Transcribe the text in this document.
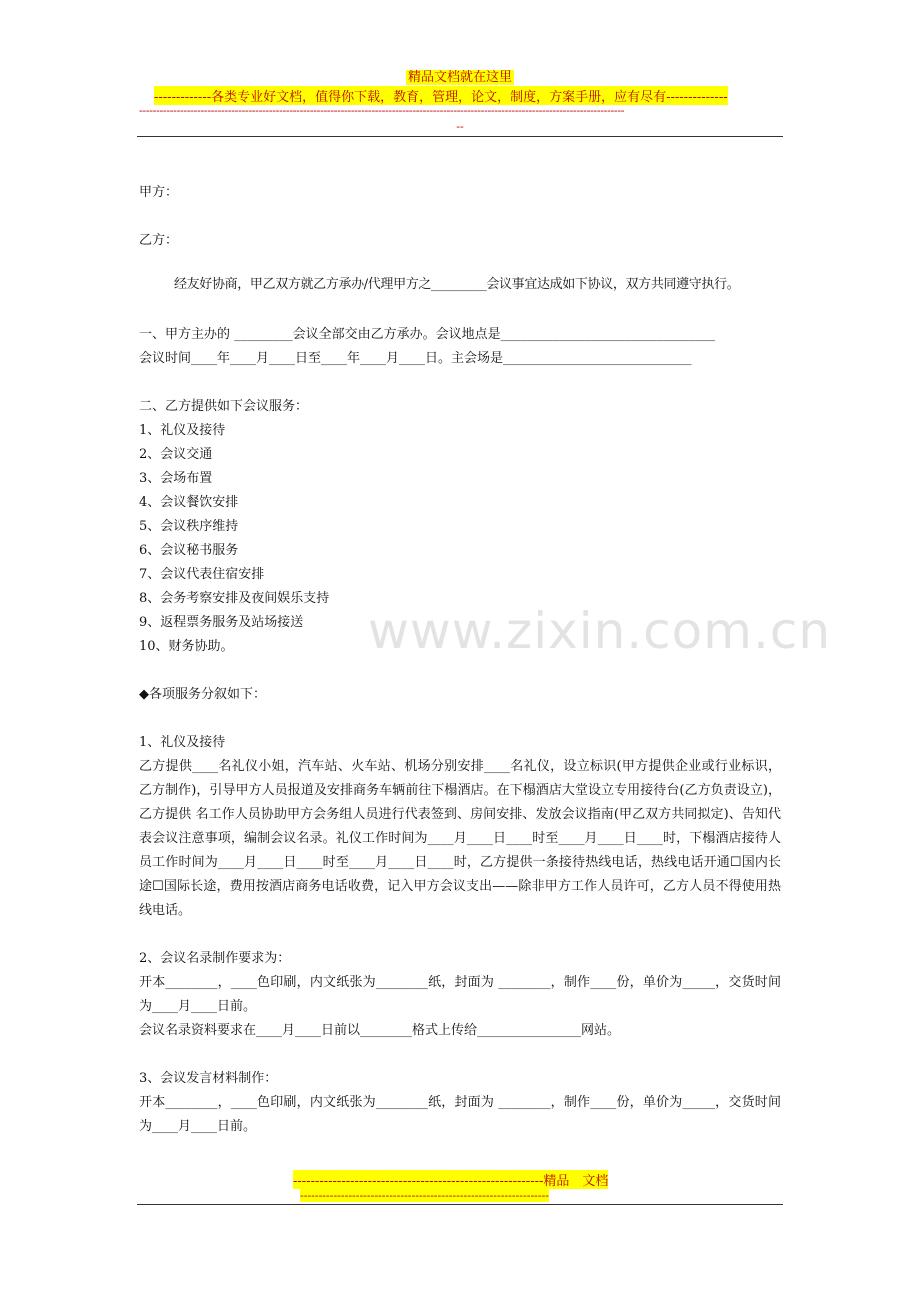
精品文档就在这里
-------------各类专业好文档，值得你下载，教育，管理，论文，制度，方案手册，应有尽有--------------
----------------------------------------------------------------------------------------------------------------------------------------------
--
www.zixin.com.cn
甲方：
乙方：
经友好协商，甲乙双方就乙方承办/代理甲方之_________会议事宜达成如下协议，双方共同遵守执行。
一、甲方主办的 _________会议全部交由乙方承办。会议地点是_________________________________
会议时间____年____月____日至____年____月____日。主会场是_____________________________
二、乙方提供如下会议服务：
1、礼仪及接待
2、会议交通
3、会场布置
4、会议餐饮安排
5、会议秩序维持
6、会议秘书服务
7、会议代表住宿安排
8、会务考察安排及夜间娱乐支持
9、返程票务服务及站场接送
10、财务协助。
◆各项服务分叙如下：
1、礼仪及接待
乙方提供____名礼仪小姐，汽车站、火车站、机场分别安排____名礼仪，设立标识(甲方提供企业或行业标识，乙方制作)，引导甲方人员报道及安排商务车辆前往下榻酒店。在下榻酒店大堂设立专用接待台(乙方负责设立)，乙方提供 名工作人员协助甲方会务组人员进行代表签到、房间安排、发放会议指南(甲乙双方共同拟定)、告知代表会议注意事项，编制会议名录。礼仪工作时间为____月____日____时至____月____日____时，下榻酒店接待人员工作时间为____月____日____时至____月____日____时，乙方提供一条接待热线电话，热线电话开通☐国内长途☐国际长途，费用按酒店商务电话收费，记入甲方会议支出——除非甲方工作人员许可，乙方人员不得使用热线电话。
2、会议名录制作要求为：
开本________，____色印刷，内文纸张为________纸，封面为 ________，制作____份，单价为_____，交货时间为____月____日前。
会议名录资料要求在____月____日前以________格式上传给________________网站。
3、会议发言材料制作：
开本________，____色印刷，内文纸张为________纸，封面为 ________，制作____份，单价为_____，交货时间为____月____日前。
---------------------------------------------------------精品　文档
-------------------------------------------------------------------
